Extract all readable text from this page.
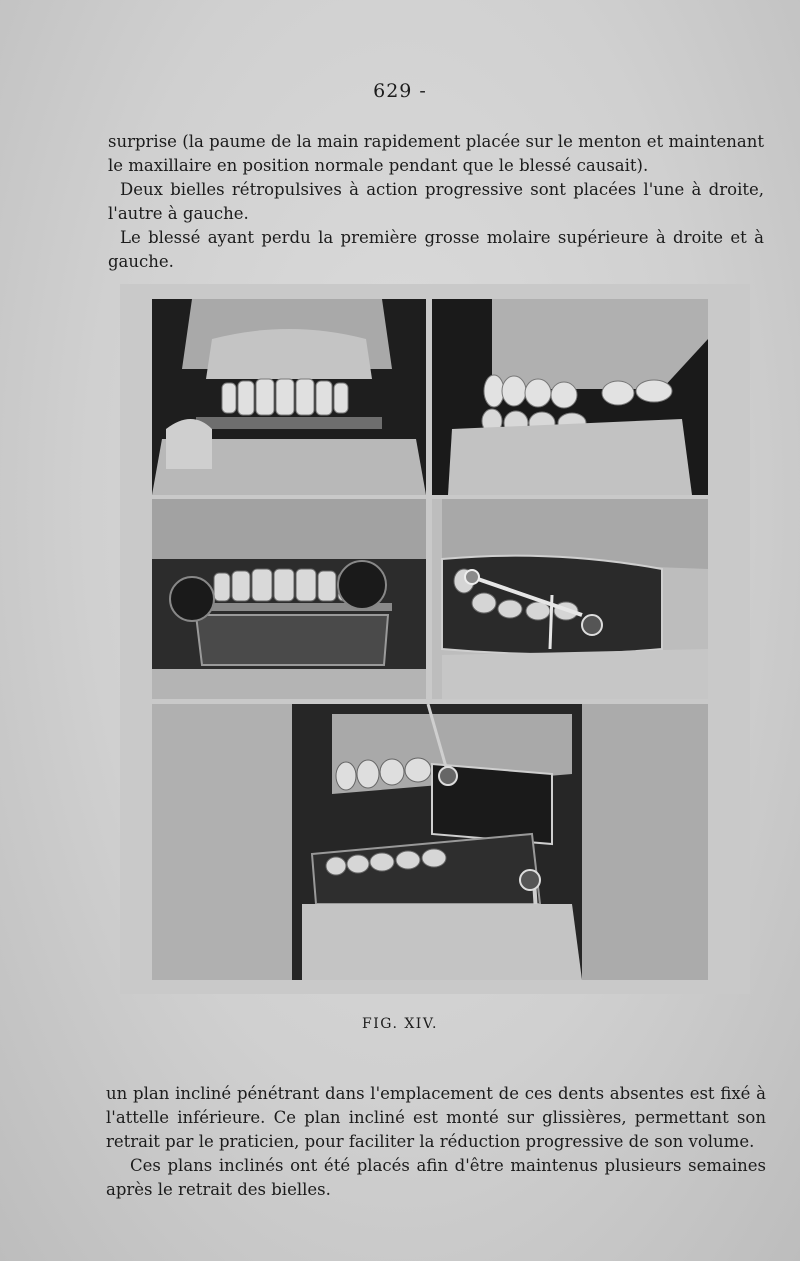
629 -

surprise (la paume de la main rapidement placée sur le menton et maintenant le maxillaire en position normale pendant que le blessé causait).

Deux bielles rétropulsives à action progressive sont placées l'une à droite, l'autre à gauche.

Le blessé ayant perdu la première grosse molaire supérieure à droite et à gauche.

FIG. XIV.

un plan incliné pénétrant dans l'emplacement de ces dents absentes est fixé à l'attelle inférieure. Ce plan incliné est monté sur glissières, permettant son retrait par le praticien, pour faciliter la réduction progressive de son volume.

Ces plans inclinés ont été placés afin d'être maintenus plusieurs semaines après le retrait des bielles.
